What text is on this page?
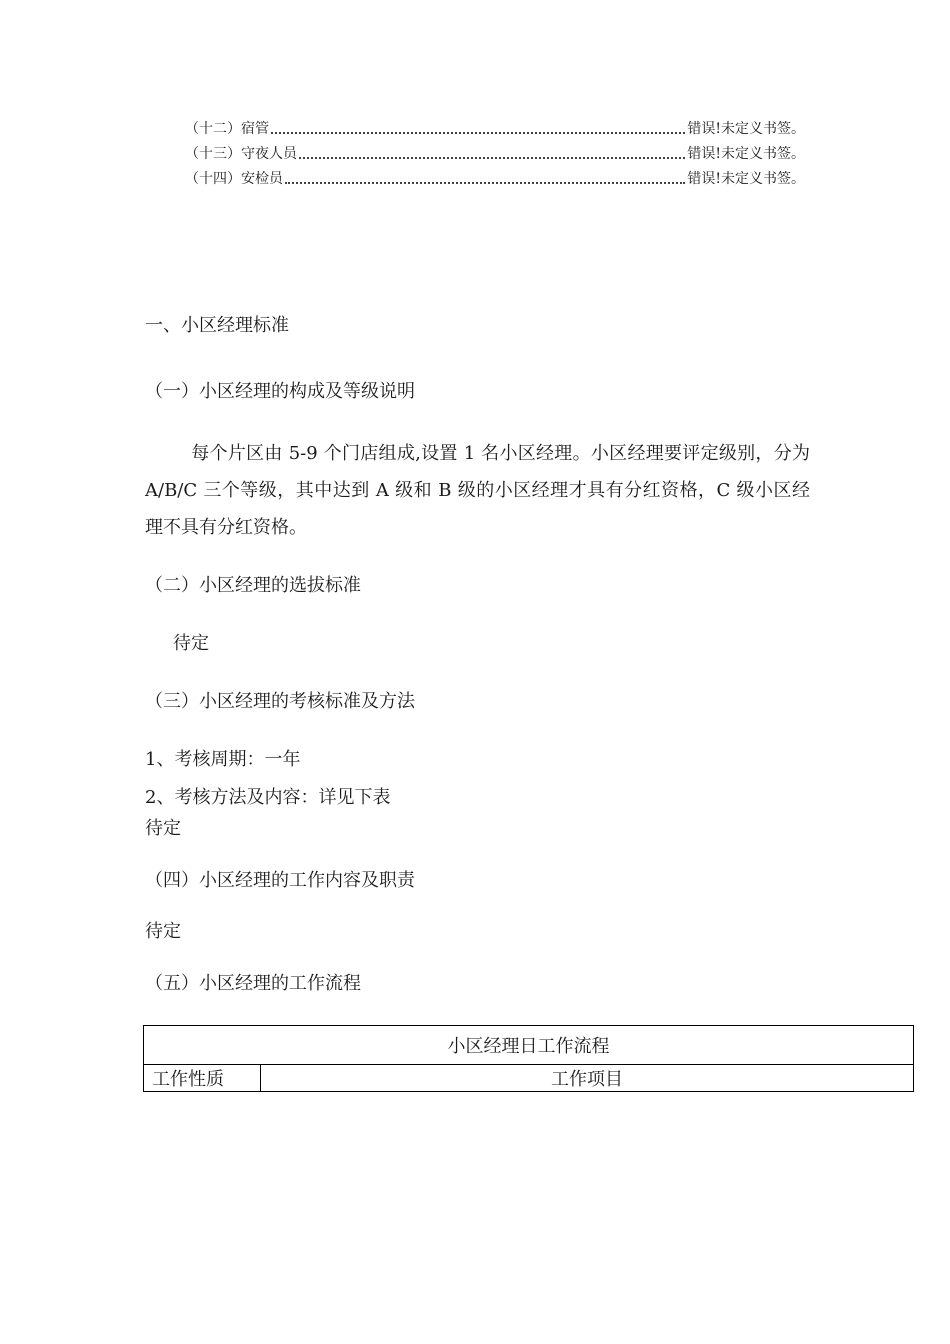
（十二）宿管	错误!未定义书签。
（十三）守夜人员	错误!未定义书签。
（十四）安检员	错误!未定义书签。
一、小区经理标准
（一）小区经理的构成及等级说明
每个片区由 5-9 个门店组成,设置 1 名小区经理。小区经理要评定级别，分为 A/B/C 三个等级，其中达到 A 级和 B 级的小区经理才具有分红资格，C 级小区经理不具有分红资格。
（二）小区经理的选拔标准
待定
（三）小区经理的考核标准及方法
1、考核周期：一年
2、考核方法及内容：详见下表
待定
（四）小区经理的工作内容及职责
待定
（五）小区经理的工作流程
小区经理日工作流程
工作性质	工作项目
